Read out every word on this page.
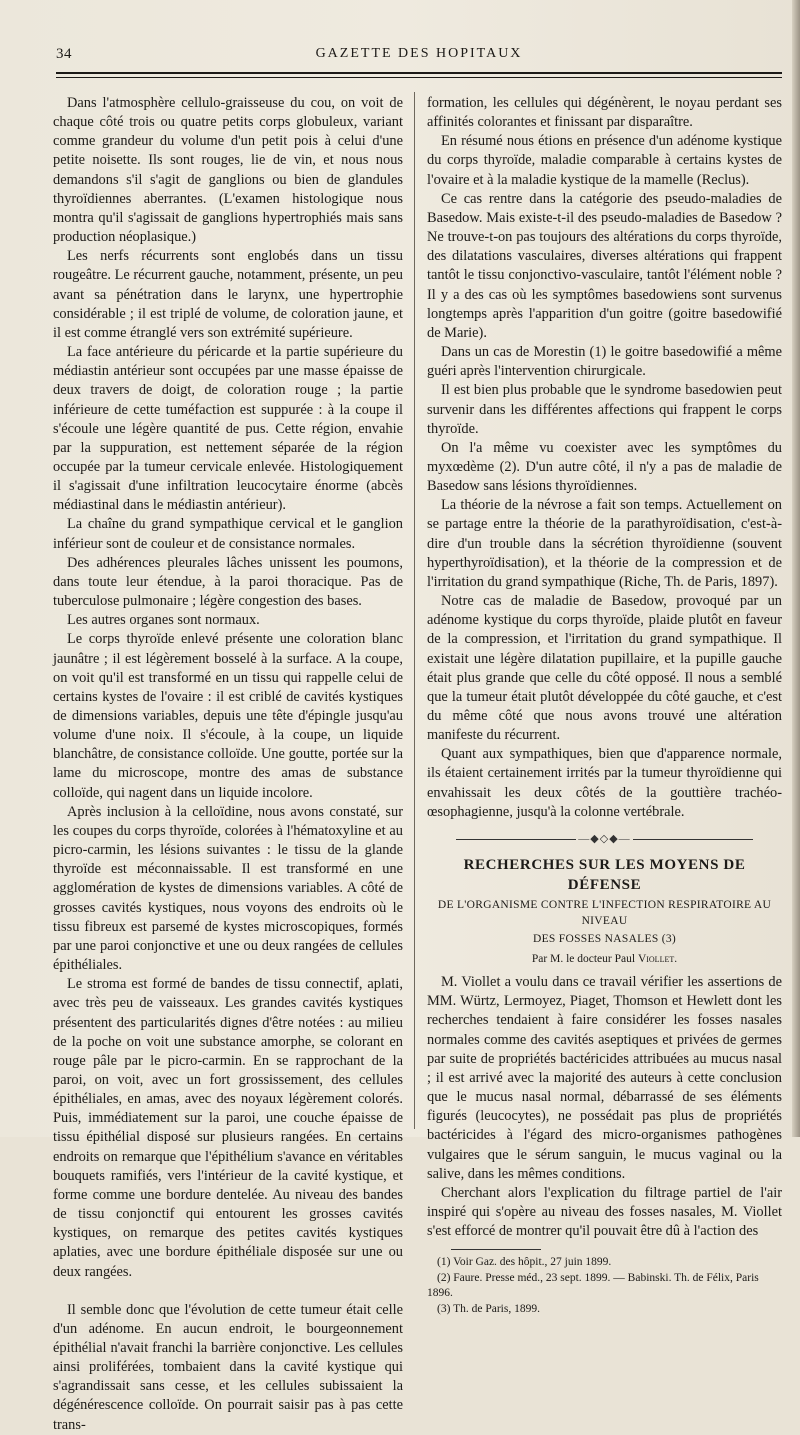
34	GAZETTE DES HOPITAUX

Dans l'atmosphère cellulo-graisseuse du cou, on voit de chaque côté trois ou quatre petits corps globuleux, variant comme grandeur du volume d'un petit pois à celui d'une petite noisette. Ils sont rouges, lie de vin, et nous nous demandons s'il s'agit de ganglions ou bien de glandules thyroïdiennes aberrantes. (L'examen histologique nous montra qu'il s'agissait de ganglions hypertrophiés mais sans production néoplasique.)

Les nerfs récurrents sont englobés dans un tissu rougeâtre. Le récurrent gauche, notamment, présente, un peu avant sa pénétration dans le larynx, une hypertrophie considérable ; il est triplé de volume, de coloration jaune, et il est comme étranglé vers son extrémité supérieure.

La face antérieure du péricarde et la partie supérieure du médiastin antérieur sont occupées par une masse épaisse de deux travers de doigt, de coloration rouge ; la partie inférieure de cette tuméfaction est suppurée : à la coupe il s'écoule une légère quantité de pus. Cette région, envahie par la suppuration, est nettement séparée de la région occupée par la tumeur cervicale enlevée. Histologiquement il s'agissait d'une infiltration leucocytaire énorme (abcès médiastinal dans le médiastin antérieur).

La chaîne du grand sympathique cervical et le ganglion inférieur sont de couleur et de consistance normales.

Des adhérences pleurales lâches unissent les poumons, dans toute leur étendue, à la paroi thoracique. Pas de tuberculose pulmonaire ; légère congestion des bases.

Les autres organes sont normaux.

Le corps thyroïde enlevé présente une coloration blanc jaunâtre ; il est légèrement bosselé à la surface. A la coupe, on voit qu'il est transformé en un tissu qui rappelle celui de certains kystes de l'ovaire : il est criblé de cavités kystiques de dimensions variables, depuis une tête d'épingle jusqu'au volume d'une noix. Il s'écoule, à la coupe, un liquide blanchâtre, de consistance colloïde. Une goutte, portée sur la lame du microscope, montre des amas de substance colloïde, qui nagent dans un liquide incolore.

Après inclusion à la celloïdine, nous avons constaté, sur les coupes du corps thyroïde, colorées à l'hématoxyline et au picro-carmin, les lésions suivantes : le tissu de la glande thyroïde est méconnaissable. Il est transformé en une agglomération de kystes de dimensions variables. A côté de grosses cavités kystiques, nous voyons des endroits où le tissu fibreux est parsemé de kystes microscopiques, formés par une paroi conjonctive et une ou deux rangées de cellules épithéliales.

Le stroma est formé de bandes de tissu connectif, aplati, avec très peu de vaisseaux. Les grandes cavités kystiques présentent des particularités dignes d'être notées : au milieu de la poche on voit une substance amorphe, se colorant en rouge pâle par le picro-carmin. En se rapprochant de la paroi, on voit, avec un fort grossissement, des cellules épithéliales, en amas, avec des noyaux légèrement colorés. Puis, immédiatement sur la paroi, une couche épaisse de tissu épithélial disposé sur plusieurs rangées. En certains endroits on remarque que l'épithélium s'avance en véritables bouquets ramifiés, vers l'intérieur de la cavité kystique, et forme comme une bordure dentelée. Au niveau des bandes de tissu conjonctif qui entourent les grosses cavités kystiques, on remarque des petites cavités kystiques aplaties, avec une bordure épithéliale disposée sur une ou deux rangées.

Il semble donc que l'évolution de cette tumeur était celle d'un adénome. En aucun endroit, le bourgeonnement épithélial n'avait franchi la barrière conjonctive. Les cellules ainsi proliférées, tombaient dans la cavité kystique qui s'agrandissait sans cesse, et les cellules subissaient la dégénérescence colloïde. On pourrait saisir pas à pas cette trans-

formation, les cellules qui dégénèrent, le noyau perdant ses affinités colorantes et finissant par disparaître.

En résumé nous étions en présence d'un adénome kystique du corps thyroïde, maladie comparable à certains kystes de l'ovaire et à la maladie kystique de la mamelle (Reclus).

Ce cas rentre dans la catégorie des pseudo-maladies de Basedow. Mais existe-t-il des pseudo-maladies de Basedow ? Ne trouve-t-on pas toujours des altérations du corps thyroïde, des dilatations vasculaires, diverses altérations qui frappent tantôt le tissu conjonctivo-vasculaire, tantôt l'élément noble ? Il y a des cas où les symptômes basedowiens sont survenus longtemps après l'apparition d'un goitre (goitre basedowifié de Marie).

Dans un cas de Morestin (1) le goitre basedowifié a même guéri après l'intervention chirurgicale.

Il est bien plus probable que le syndrome basedowien peut survenir dans les différentes affections qui frappent le corps thyroïde.

On l'a même vu coexister avec les symptômes du myxœdème (2). D'un autre côté, il n'y a pas de maladie de Basedow sans lésions thyroïdiennes.

La théorie de la névrose a fait son temps. Actuellement on se partage entre la théorie de la parathyroïdisation, c'est-à-dire d'un trouble dans la sécrétion thyroïdienne (souvent hyperthyroïdisation), et la théorie de la compression et de l'irritation du grand sympathique (Riche, Th. de Paris, 1897).

Notre cas de maladie de Basedow, provoqué par un adénome kystique du corps thyroïde, plaide plutôt en faveur de la compression, et l'irritation du grand sympathique. Il existait une légère dilatation pupillaire, et la pupille gauche était plus grande que celle du côté opposé. Il nous a semblé que la tumeur était plutôt développée du côté gauche, et c'est du même côté que nous avons trouvé une altération manifeste du récurrent.

Quant aux sympathiques, bien que d'apparence normale, ils étaient certainement irrités par la tumeur thyroïdienne qui envahissait les deux côtés de la gouttière trachéo-œsophagienne, jusqu'à la colonne vertébrale.

—◆◇◆—
RECHERCHES SUR LES MOYENS DE DÉFENSE
DE L'ORGANISME CONTRE L'INFECTION RESPIRATOIRE AU NIVEAU
DES FOSSES NASALES (3)
Par M. le docteur Paul Viollet.

M. Viollet a voulu dans ce travail vérifier les assertions de MM. Würtz, Lermoyez, Piaget, Thomson et Hewlett dont les recherches tendaient à faire considérer les fosses nasales normales comme des cavités aseptiques et privées de germes par suite de propriétés bactéricides attribuées au mucus nasal ; il est arrivé avec la majorité des auteurs à cette conclusion que le mucus nasal normal, débarrassé de ses éléments figurés (leucocytes), ne possédait pas plus de propriétés bactéricides à l'égard des micro-organismes pathogènes vulgaires que le sérum sanguin, le mucus vaginal ou la salive, dans les mêmes conditions.

Cherchant alors l'explication du filtrage partiel de l'air inspiré qui s'opère au niveau des fosses nasales, M. Viollet s'est efforcé de montrer qu'il pouvait être dû à l'action des

(1) Voir Gaz. des hôpit., 27 juin 1899.
(2) Faure. Presse méd., 23 sept. 1899. — Babinski. Th. de Félix, Paris 1896.
(3) Th. de Paris, 1899.
